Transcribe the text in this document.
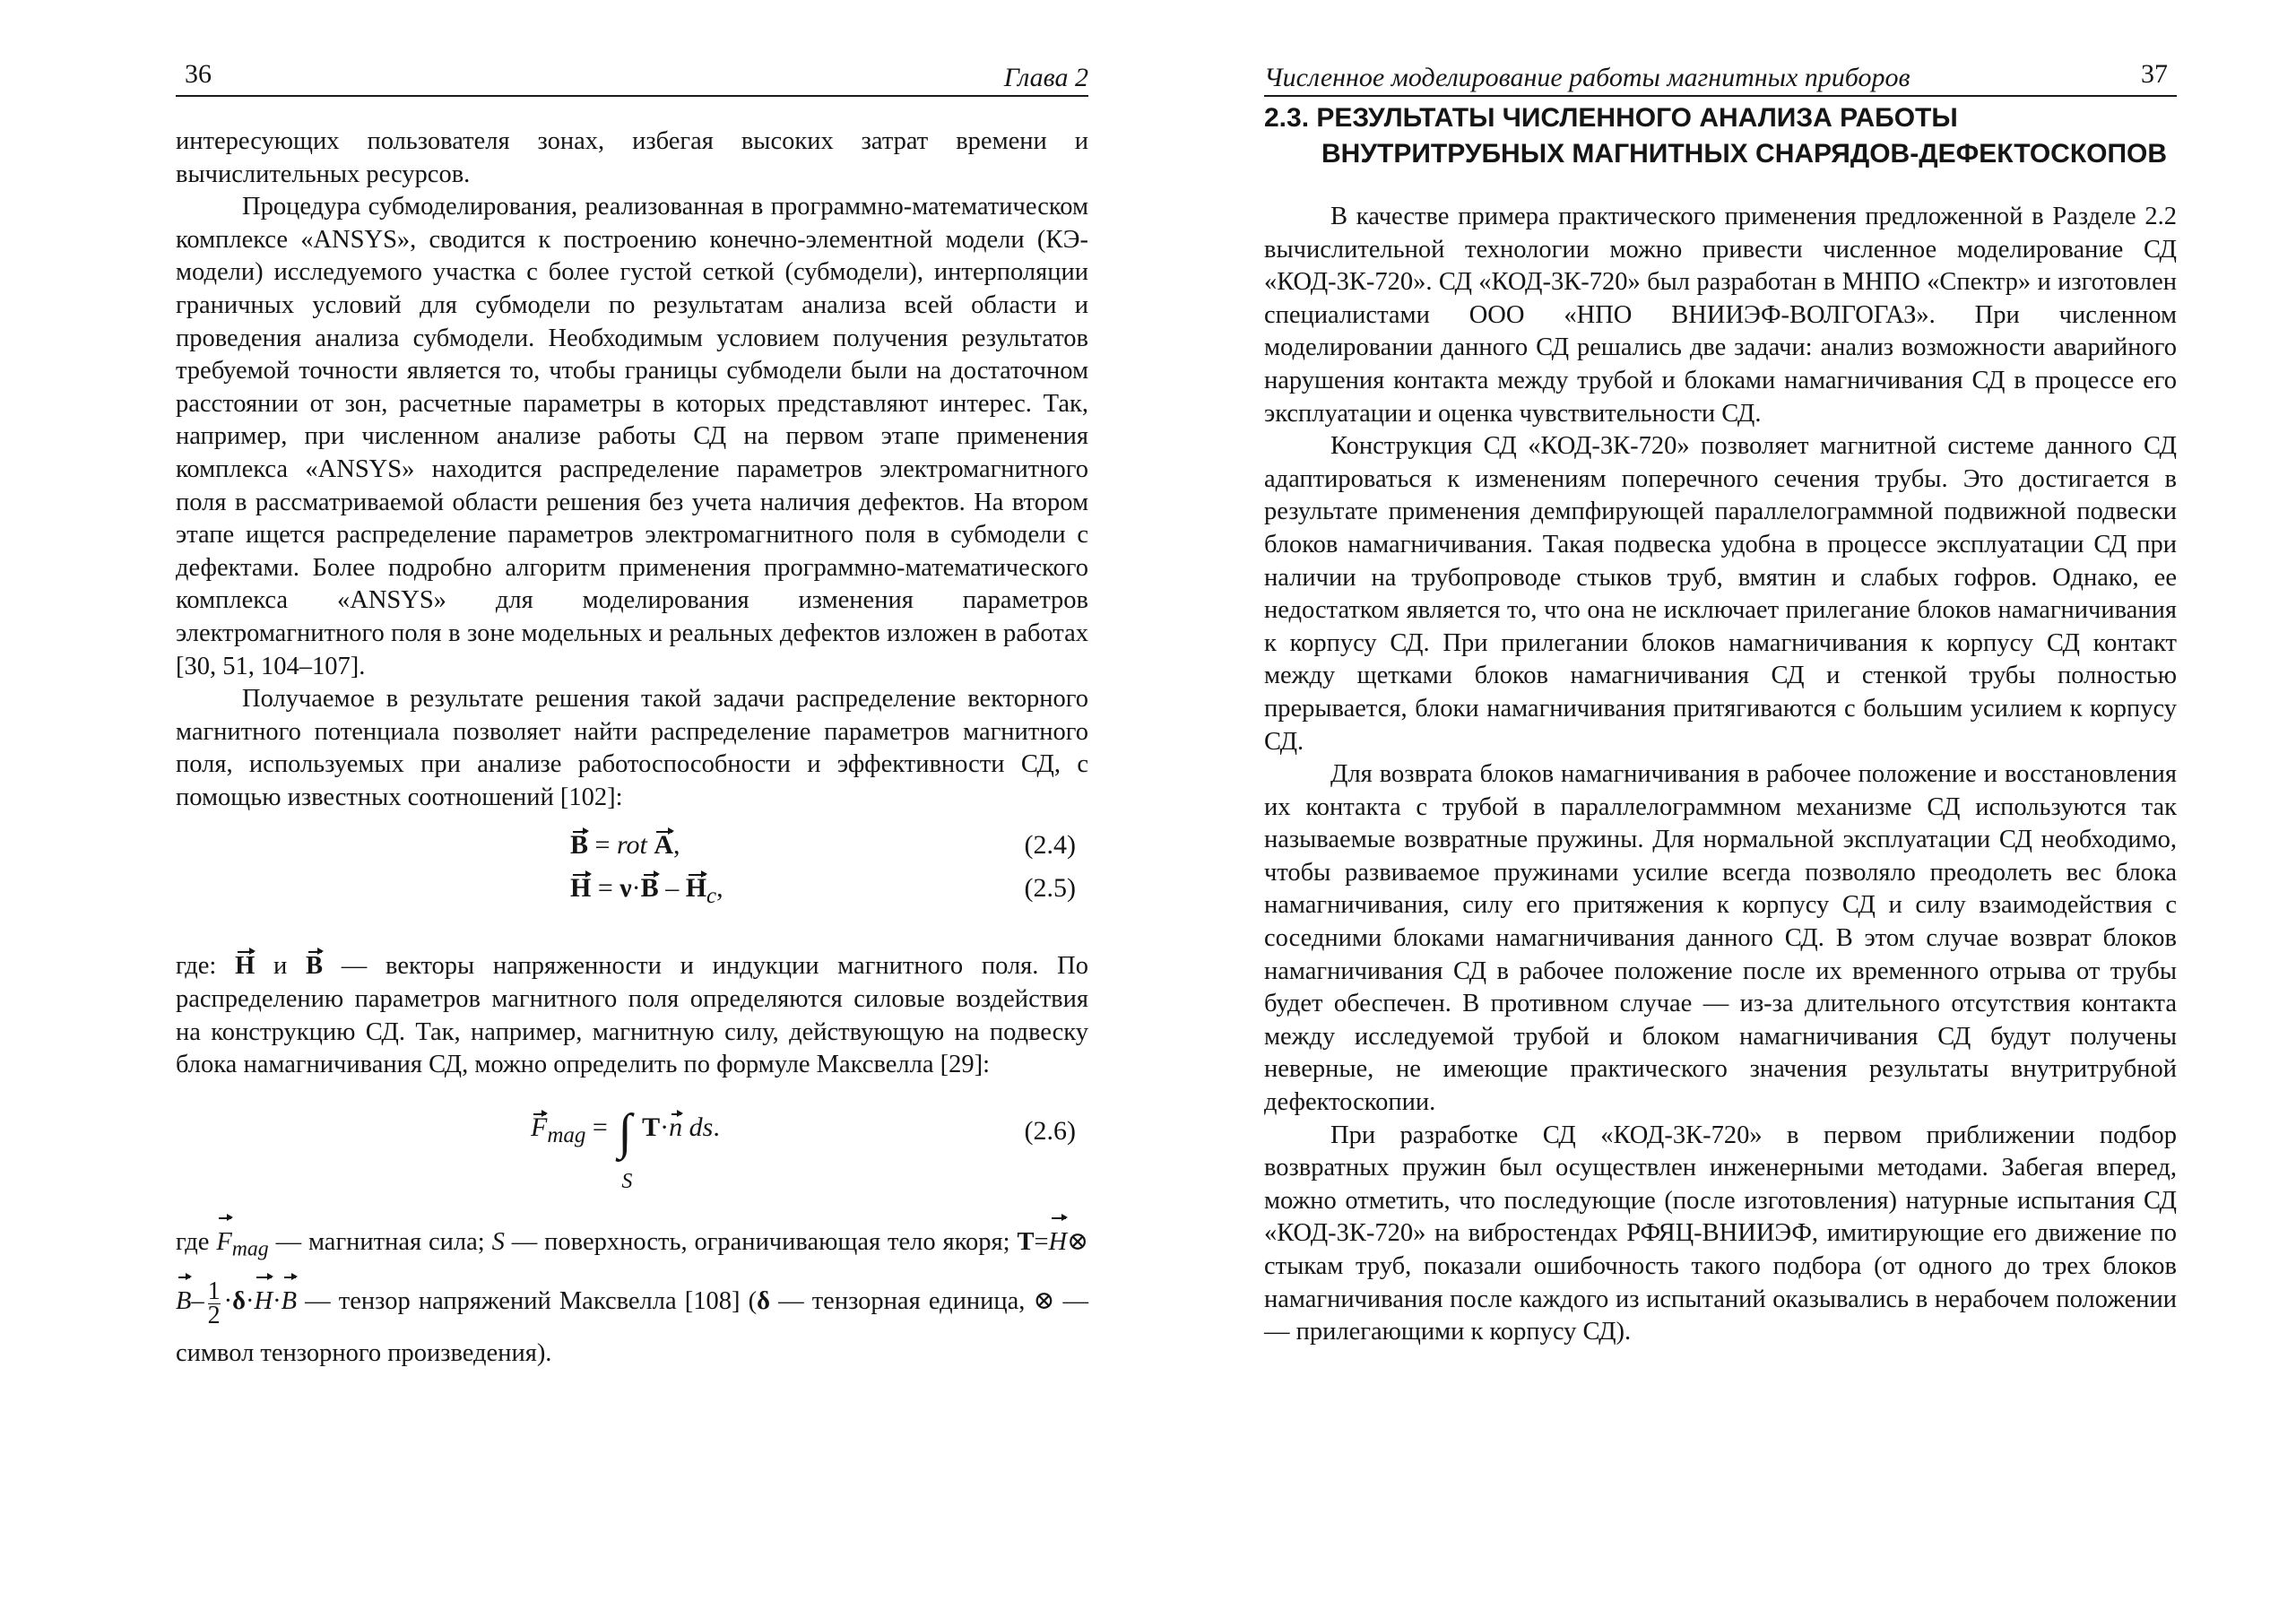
36	Глава 2

интересующих пользователя зонах, избегая высоких затрат времени и вычислительных ресурсов.

Процедура субмоделирования, реализованная в программно-математическом комплексе «ANSYS», сводится к построению конечно-элементной модели (КЭ-модели) исследуемого участка с более густой сеткой (субмодели), интерполяции граничных условий для субмодели по результатам анализа всей области и проведения анализа субмодели. Необходимым условием получения результатов требуемой точности является то, чтобы границы субмодели были на достаточном расстоянии от зон, расчетные параметры в которых представляют интерес. Так, например, при численном анализе работы СД на первом этапе применения комплекса «ANSYS» находится распределение параметров электромагнитного поля в рассматриваемой области решения без учета наличия дефектов. На втором этапе ищется распределение параметров электромагнитного поля в субмодели с дефектами. Более подробно алгоритм применения программно-математического комплекса «ANSYS» для моделирования изменения параметров электромагнитного поля в зоне модельных и реальных дефектов изложен в работах [30, 51, 104–107].

Получаемое в результате решения такой задачи распределение векторного магнитного потенциала позволяет найти распределение параметров магнитного поля, используемых при анализе работоспособности и эффективности СД, с помощью известных соотношений [102]:

B = rot A,	(2.4)
$H = \nu\cdot B - H_c$,	(2.5)

где: H и B — векторы напряженности и индукции магнитного поля. По распределению параметров магнитного поля определяются силовые воздействия на конструкцию СД. Так, например, магнитную силу, действующую на подвеску блока намагничивания СД, можно определить по формуле Максвелла [29]:

$F_{mag}$ = ∫
S
T·n ds.	(2.6)

где $F_{mag}$ — магнитная сила; S — поверхность, ограничивающая тело якоря; T=H⊗B– $\frac{1}{2} \cdot\delta\cdot H\cdot B$ — тензор напряжений Максвелла [108] (δ — тензорная единица, ⊗ — символ тензорного произведения).

Численное моделирование работы магнитных приборов	37
2.3. РЕЗУЛЬТАТЫ ЧИСЛЕННОГО АНАЛИЗА РАБОТЫ ВНУТРИТРУБНЫХ МАГНИТНЫХ СНАРЯДОВ-ДЕФЕКТОСКОПОВ

В качестве примера практического применения предложенной в Разделе 2.2 вычислительной технологии можно привести численное моделирование СД «КОД-3К-720». СД «КОД-3К-720» был разработан в МНПО «Спектр» и изготовлен специалистами ООО «НПО ВНИИЭФ-ВОЛГОГАЗ». При численном моделировании данного СД решались две задачи: анализ возможности аварийного нарушения контакта между трубой и блоками намагничивания СД в процессе его эксплуатации и оценка чувствительности СД.

Конструкция СД «КОД-3К-720» позволяет магнитной системе данного СД адаптироваться к изменениям поперечного сечения трубы. Это достигается в результате применения демпфирующей параллелограммной подвижной подвески блоков намагничивания. Такая подвеска удобна в процессе эксплуатации СД при наличии на трубопроводе стыков труб, вмятин и слабых гофров. Однако, ее недостатком является то, что она не исключает прилегание блоков намагничивания к корпусу СД. При прилегании блоков намагничивания к корпусу СД контакт между щетками блоков намагничивания СД и стенкой трубы полностью прерывается, блоки намагничивания притягиваются с большим усилием к корпусу СД.

Для возврата блоков намагничивания в рабочее положение и восстановления их контакта с трубой в параллелограммном механизме СД используются так называемые возвратные пружины. Для нормальной эксплуатации СД необходимо, чтобы развиваемое пружинами усилие всегда позволяло преодолеть вес блока намагничивания, силу его притяжения к корпусу СД и силу взаимодействия с соседними блоками намагничивания данного СД. В этом случае возврат блоков намагничивания СД в рабочее положение после их временного отрыва от трубы будет обеспечен. В противном случае — из-за длительного отсутствия контакта между исследуемой трубой и блоком намагничивания СД будут получены неверные, не имеющие практического значения результаты внутритрубной дефектоскопии.

При разработке СД «КОД-3К-720» в первом приближении подбор возвратных пружин был осуществлен инженерными методами. Забегая вперед, можно отметить, что последующие (после изготовления) натурные испытания СД «КОД-3К-720» на вибростендах РФЯЦ-ВНИИЭФ, имитирующие его движение по стыкам труб, показали ошибочность такого подбора (от одного до трех блоков намагничивания после каждого из испытаний оказывались в нерабочем положении — прилегающими к корпусу СД).
